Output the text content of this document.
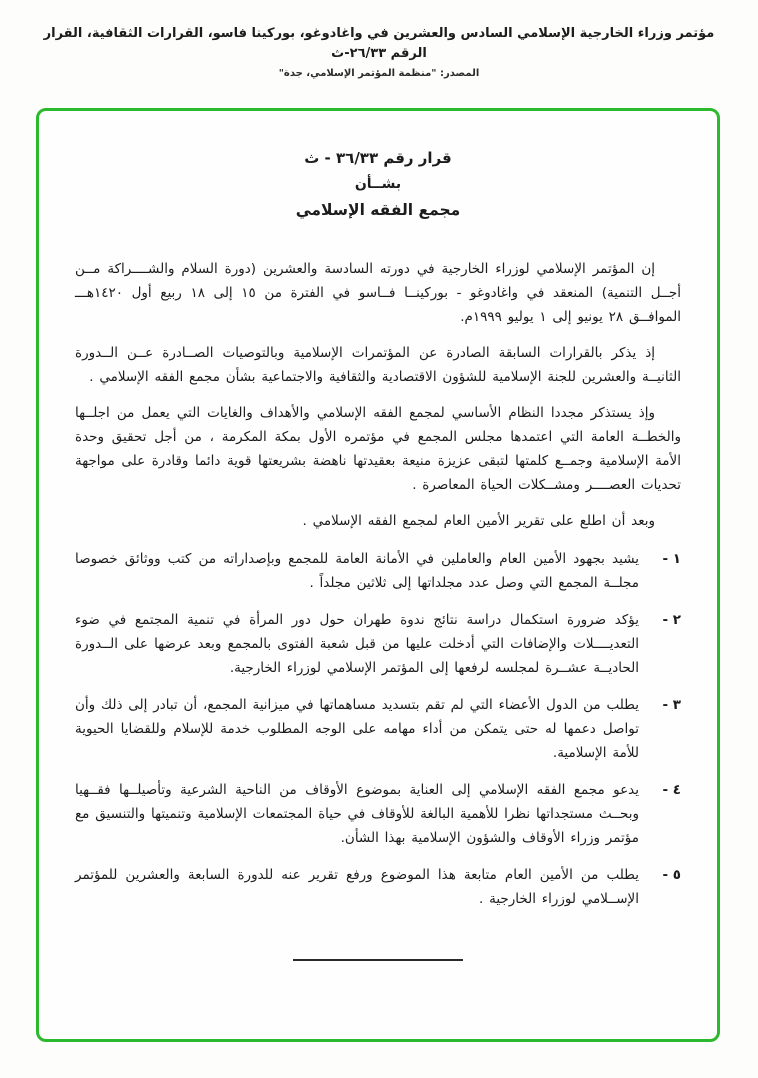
مؤتمر وزراء الخارجية الإسلامي السادس والعشرين في واغادوغو، بوركينا فاسو، القرارات الثقافية، القرار الرقم ٢٦/٣٣-ث
المصدر: "منظمة المؤتمر الإسلامي، جدة"
قرار رقم ٣٦/٣٣ - ث
بشــأن
مجمع الفقه الإسلامي

إن المؤتمر الإسلامي لوزراء الخارجية في دورته السادسة والعشرين (دورة السلام والشــــراكة مــن أجــل التنمية) المنعقد في واغادوغو - بوركينــا فــاسو في الفترة من ١٥ إلى ١٨ ربيع أول ١٤٢٠هـــ الموافــق ٢٨ يونيو إلى ١ يوليو ١٩٩٩م.

إذ يذكر بالقرارات السابقة الصادرة عن المؤتمرات الإسلامية وبالتوصيات الصــادرة عــن الــدورة الثانيــة والعشرين للجنة الإسلامية للشؤون الاقتصادية والثقافية والاجتماعية بشأن مجمع الفقه الإسلامي .

وإذ يستذكر مجددا النظام الأساسي لمجمع الفقه الإسلامي والأهداف والغايات التي يعمل من اجلــها والخطــة العامة التي اعتمدها مجلس المجمع في مؤتمره الأول بمكة المكرمة ، من أجل تحقيق وحدة الأمة الإسلامية وجمــع كلمتها لتبقى عزيزة منيعة بعقيدتها ناهضة بشريعتها قوية دائما وقادرة على مواجهة تحديات العصــــر ومشــكلات الحياة المعاصرة .

وبعد أن اطلع على تقرير الأمين العام لمجمع الفقه الإسلامي .

١ -
يشيد بجهود الأمين العام والعاملين في الأمانة العامة للمجمع وبإصداراته من كتب ووثائق خصوصا مجلــة المجمع التي وصل عدد مجلداتها إلى ثلاثين مجلداً .
٢ -
يؤكد ضرورة استكمال دراسة نتائج ندوة طهران حول دور المرأة في تنمية المجتمع في ضوء التعديــــلات والإضافات التي أدخلت عليها من قبل شعبة الفتوى بالمجمع وبعد عرضها على الــدورة الحاديــة عشــرة لمجلسه لرفعها إلى المؤتمر الإسلامي لوزراء الخارجية.
٣ -
يطلب من الدول الأعضاء التي لم تقم بتسديد مساهماتها في ميزانية المجمع، أن تبادر إلى ذلك وأن تواصل دعمها له حتى يتمكن من أداء مهامه على الوجه المطلوب خدمة للإسلام وللقضايا الحيوية للأمة الإسلامية.
٤ -
يدعو مجمع الفقه الإسلامي إلى العناية بموضوع الأوقاف من الناحية الشرعية وتأصيلــها فقــهيا وبحــث مستجداتها نظرا للأهمية البالغة للأوقاف في حياة المجتمعات الإسلامية وتنميتها والتنسيق مع مؤتمر وزراء الأوقاف والشؤون الإسلامية بهذا الشأن.
٥ -
يطلب من الأمين العام متابعة هذا الموضوع ورفع تقرير عنه للدورة السابعة والعشرين للمؤتمر الإســلامي لوزراء الخارجية .
